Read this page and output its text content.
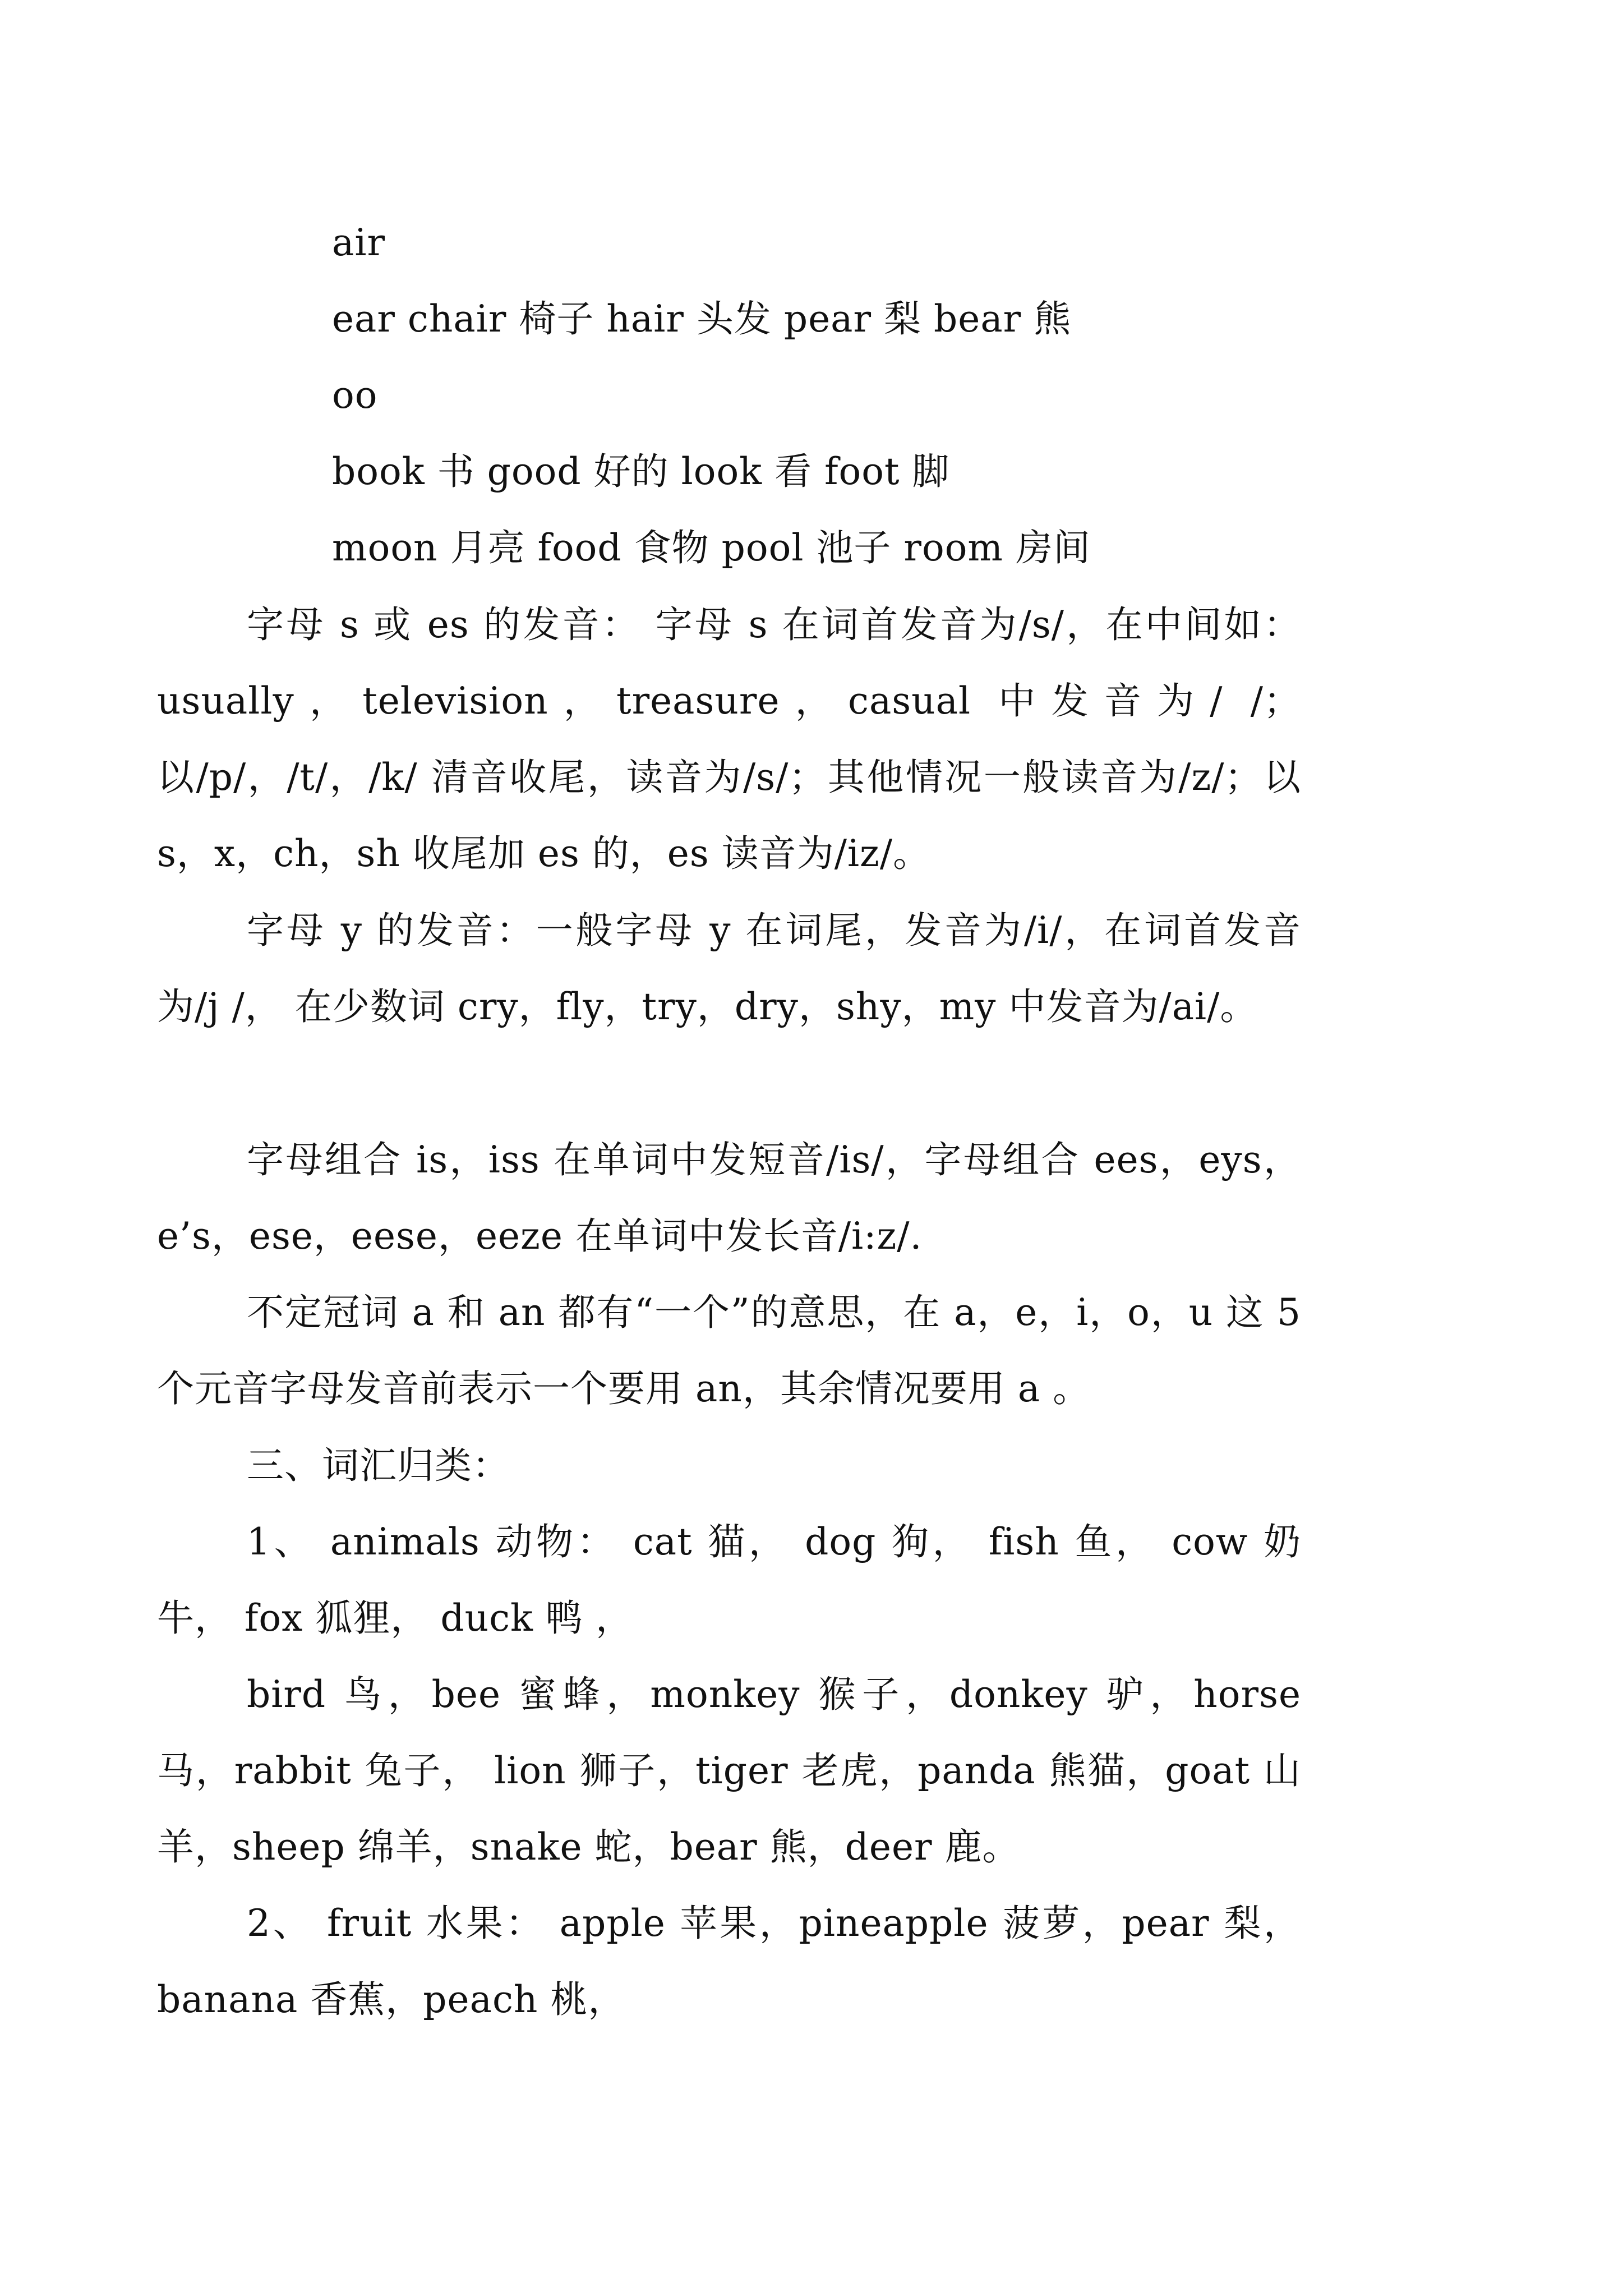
air
ear chair 椅子 hair 头发 pear 梨 bear 熊
oo
book 书 good 好的 look 看 foot 脚
moon 月亮 food 食物 pool 池子 room 房间
字母 s 或 es 的发音： 字母 s 在词首发音为/s/，在中间如：usually，television，treasure，casual 中发音为/ /；以/p/，/t/，/k/ 清音收尾，读音为/s/；其他情况一般读音为/z/；以 s，x，ch，sh 收尾加 es 的，es 读音为/iz/。
字母 y 的发音：一般字母 y 在词尾，发音为/i/，在词首发音为/j /， 在少数词 cry，fly，try，dry，shy，my 中发音为/ai/。
字母组合 is，iss 在单词中发短音/is/，字母组合 ees，eys，e’s，ese，eese，eeze 在单词中发长音/i:z/.
不定冠词 a 和 an 都有“一个”的意思，在 a，e，i，o，u 这 5 个元音字母发音前表示一个要用 an，其余情况要用 a 。
三、词汇归类：
1、 animals 动物： cat 猫， dog 狗， fish 鱼， cow 奶牛， fox 狐狸， duck 鸭 ，
bird 鸟，bee 蜜蜂，monkey 猴子，donkey 驴，horse 马，rabbit 兔子， lion 狮子，tiger 老虎，panda 熊猫，goat 山羊，sheep 绵羊，snake 蛇，bear 熊，deer 鹿。
2、 fruit 水果： apple 苹果，pineapple 菠萝，pear 梨，banana 香蕉，peach 桃，
